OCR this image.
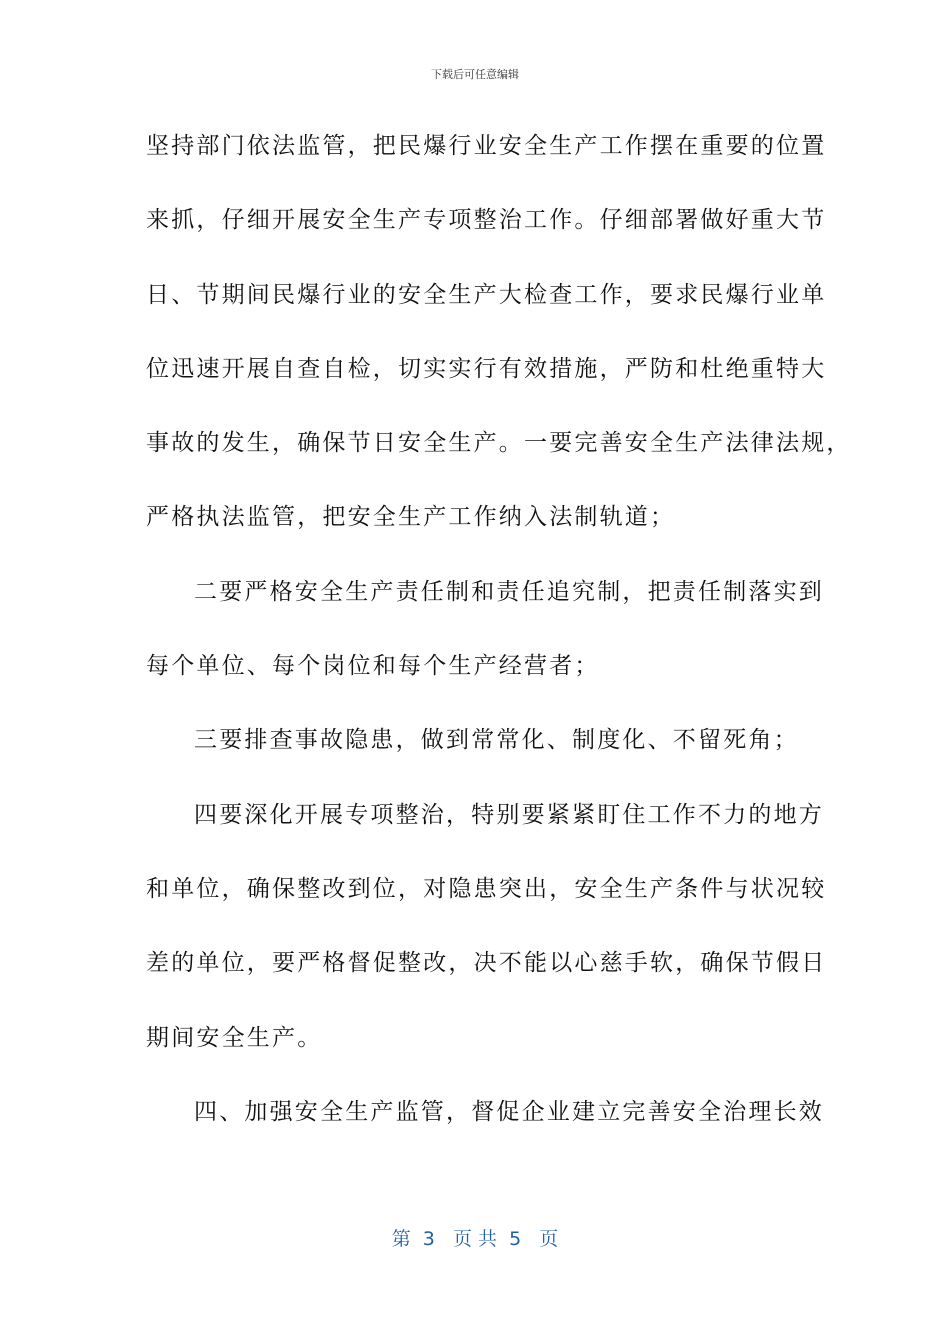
下载后可任意编辑
坚持部门依法监管，把民爆行业安全生产工作摆在重要的位置
来抓，仔细开展安全生产专项整治工作。仔细部署做好重大节
日、节期间民爆行业的安全生产大检查工作，要求民爆行业单
位迅速开展自查自检，切实实行有效措施，严防和杜绝重特大
事故的发生，确保节日安全生产。一要完善安全生产法律法规，
严格执法监管，把安全生产工作纳入法制轨道；
二要严格安全生产责任制和责任追究制，把责任制落实到
每个单位、每个岗位和每个生产经营者；
三要排查事故隐患，做到常常化、制度化、不留死角；
四要深化开展专项整治，特别要紧紧盯住工作不力的地方
和单位，确保整改到位，对隐患突出，安全生产条件与状况较
差的单位，要严格督促整改，决不能以心慈手软，确保节假日
期间安全生产。
四、加强安全生产监管，督促企业建立完善安全治理长效
第  3   页 共  5   页
